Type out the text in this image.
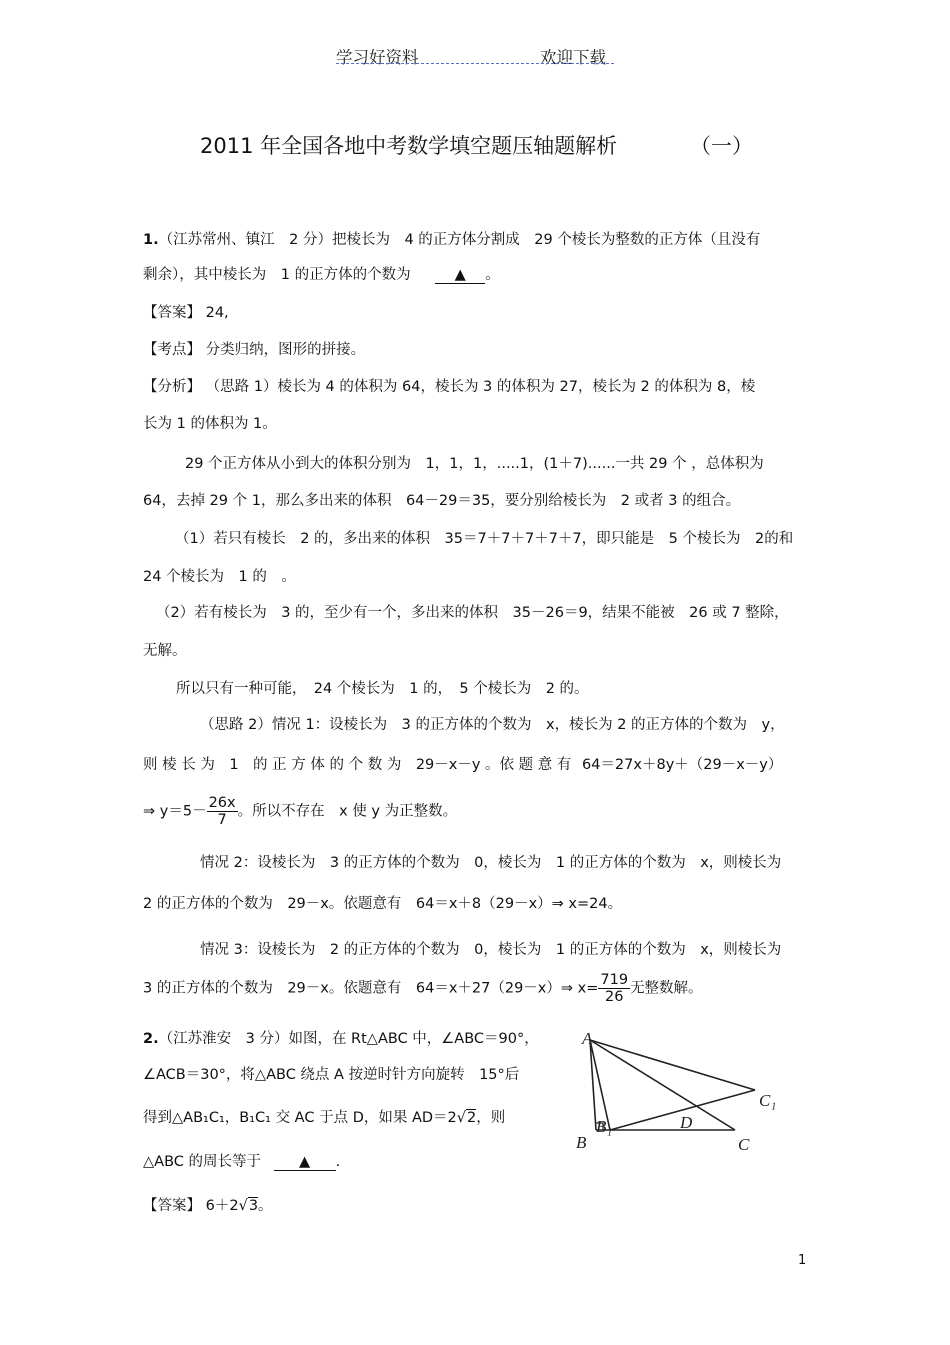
学习好资料	欢迎下载
2011 年全国各地中考数学填空题压轴题解析	（一）
1.（江苏常州、镇江　2 分）把棱长为　4 的正方体分割成　29 个棱长为整数的正方体（且没有
剩余），其中棱长为　1 的正方体的个数为	▲ 。
【答案】 24,
【考点】 分类归纳，图形的拼接。
【分析】 （思路 1）棱长为 4 的体积为 64，棱长为 3 的体积为 27，棱长为 2 的体积为 8，棱
长为 1 的体积为 1。
29 个正方体从小到大的体积分别为　1，1，1，.....1，(1＋7)......一共 29 个 ，总体积为
64，去掉 29 个 1，那么多出来的体积　64－29＝35，要分别给棱长为　2 或者 3 的组合。
（1）若只有棱长　2 的，多出来的体积　35＝7＋7＋7＋7＋7，即只能是　5 个棱长为　2的和
24 个棱长为　1 的　。
（2）若有棱长为　3 的，至少有一个，多出来的体积　35－26＝9，结果不能被　26 或 7 整除，
无解。
所以只有一种可能，　24 个棱长为　1 的，　5 个棱长为　2 的。
（思路 2）情况 1：设棱长为　3 的正方体的个数为　x，棱长为 2 的正方体的个数为　y，
则 棱 长 为　1　的 正 方 体 的 个 数 为　29－x－y 。依 题 意 有 64＝27x＋8y＋（29－x－y）
⇒ $y=5- \frac{26x}{7}$ 。所以不存在　x 使 y 为正整数。
情况 2：设棱长为　3 的正方体的个数为　0，棱长为　1 的正方体的个数为　x，则棱长为
2 的正方体的个数为　29－x。依题意有　64＝x＋8（29－x）⇒ x=24。
情况 3：设棱长为　2 的正方体的个数为　0，棱长为　1 的正方体的个数为　x，则棱长为
3 的正方体的个数为　29－x。依题意有　64＝x＋27（29－x）⇒ $x= \frac{719}{26}$ 无整数解。
2.（江苏淮安　3 分）如图，在 Rt△ABC 中，∠ABC＝90°，
∠ACB＝30°，将△ABC 绕点 A 按逆时针方向旋转　15°后
得到△AB₁C₁，B₁C₁ 交 AC 于点 D，如果 AD＝2√2，则
△ABC 的周长等于	▲ .
【答案】 6＋2√3。
A
B
B₁
C
C₁
D
1
